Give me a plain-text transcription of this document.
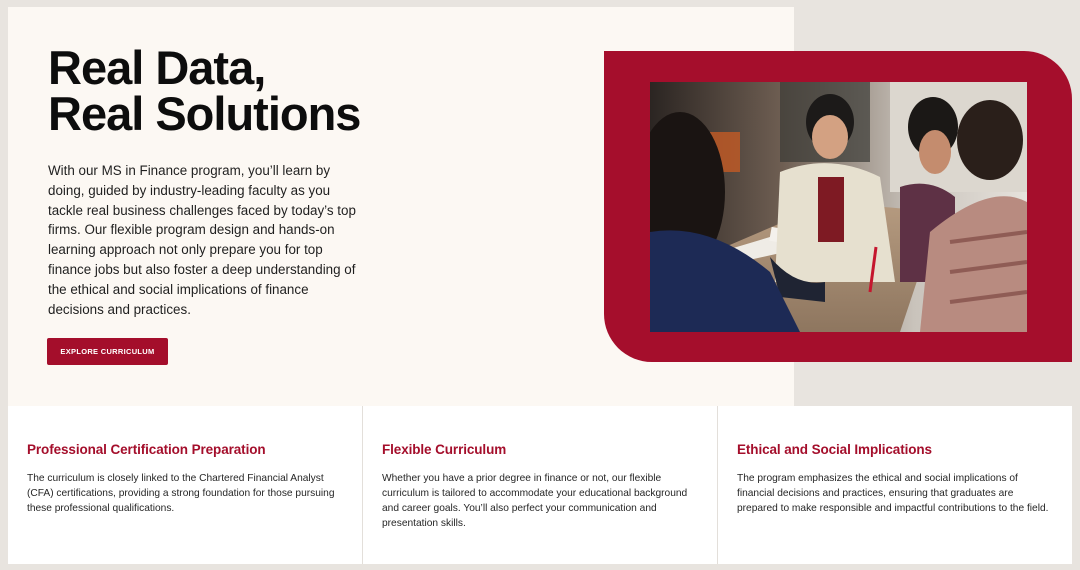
Real Data,
Real Solutions

With our MS in Finance program, you’ll learn by doing, guided by industry-leading faculty as you tackle real business challenges faced by today’s top firms. Our flexible program design and hands-on learning approach not only prepare you for top finance jobs but also foster a deep understanding of the ethical and social implications of finance decisions and practices.

EXPLORE CURRICULUM
Professional Certification Preparation

The curriculum is closely linked to the Chartered Financial Analyst (CFA) certifications, providing a strong foundation for those pursuing these professional qualifications.

Flexible Curriculum

Whether you have a prior degree in finance or not, our flexible curriculum is tailored to accommodate your educational background and career goals. You’ll also perfect your communication and presentation skills.

Ethical and Social Implications

The program emphasizes the ethical and social implications of financial decisions and practices, ensuring that graduates are prepared to make responsible and impactful contributions to the field.
